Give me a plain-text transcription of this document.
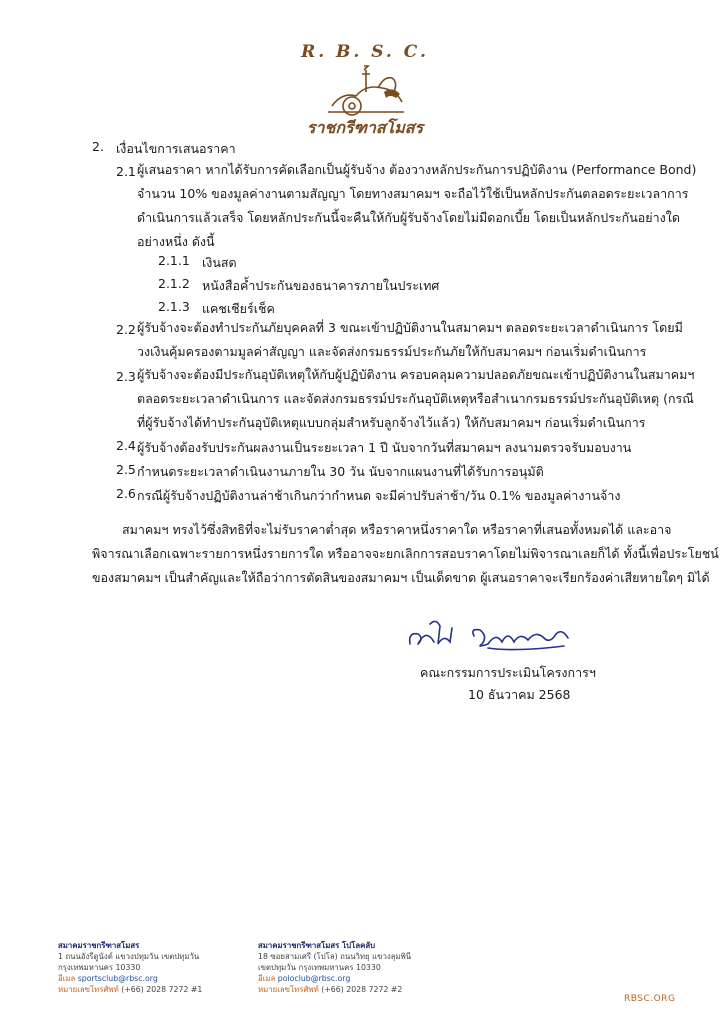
R. B. S. C.
ราชกรีฑาสโมสร
2. เงื่อนไขการเสนอราคา
2.1 ผู้เสนอราคา หากได้รับการคัดเลือกเป็นผู้รับจ้าง ต้องวางหลักประกันการปฏิบัติงาน (Performance Bond)
จำนวน 10% ของมูลค่างานตามสัญญา โดยทางสมาคมฯ จะถือไว้ใช้เป็นหลักประกันตลอดระยะเวลาการ
ดำเนินการแล้วเสร็จ โดยหลักประกันนี้จะคืนให้กับผู้รับจ้างโดยไม่มีดอกเบี้ย โดยเป็นหลักประกันอย่างใด
อย่างหนึ่ง ดังนี้
2.1.1 เงินสด
2.1.2 หนังสือค้ำประกันของธนาคารภายในประเทศ
2.1.3 แคชเชียร์เช็ค
2.2 ผู้รับจ้างจะต้องทำประกันภัยบุคคลที่ 3 ขณะเข้าปฏิบัติงานในสมาคมฯ ตลอดระยะเวลาดำเนินการ โดยมี
วงเงินคุ้มครองตามมูลค่าสัญญา และจัดส่งกรมธรรม์ประกันภัยให้กับสมาคมฯ ก่อนเริ่มดำเนินการ
2.3 ผู้รับจ้างจะต้องมีประกันอุบัติเหตุให้กับผู้ปฏิบัติงาน ครอบคลุมความปลอดภัยขณะเข้าปฏิบัติงานในสมาคมฯ
ตลอดระยะเวลาดำเนินการ และจัดส่งกรมธรรม์ประกันอุบัติเหตุหรือสำเนากรมธรรม์ประกันอุบัติเหตุ (กรณี
ที่ผู้รับจ้างได้ทำประกันอุบัติเหตุแบบกลุ่มสำหรับลูกจ้างไว้แล้ว) ให้กับสมาคมฯ ก่อนเริ่มดำเนินการ
2.4 ผู้รับจ้างต้องรับประกันผลงานเป็นระยะเวลา 1 ปี นับจากวันที่สมาคมฯ ลงนามตรวจรับมอบงาน
2.5 กำหนดระยะเวลาดำเนินงานภายใน 30 วัน นับจากแผนงานที่ได้รับการอนุมัติ
2.6 กรณีผู้รับจ้างปฏิบัติงานล่าช้าเกินกว่ากำหนด จะมีค่าปรับล่าช้า/วัน 0.1% ของมูลค่างานจ้าง
สมาคมฯ ทรงไว้ซึ่งสิทธิที่จะไม่รับราคาต่ำสุด หรือราคาหนึ่งราคาใด หรือราคาที่เสนอทั้งหมดได้ และอาจ
พิจารณาเลือกเฉพาะรายการหนึ่งรายการใด หรืออาจจะยกเลิกการสอบราคาโดยไม่พิจารณาเลยก็ได้ ทั้งนี้เพื่อประโยชน์
ของสมาคมฯ เป็นสำคัญและให้ถือว่าการตัดสินของสมาคมฯ เป็นเด็ดขาด ผู้เสนอราคาจะเรียกร้องค่าเสียหายใดๆ มิได้
คณะกรรมการประเมินโครงการฯ
10 ธันวาคม 2568
สมาคมราชกรีฑาสโมสร
1 ถนนอังรีดูนังต์ แขวงปทุมวัน เขตปทุมวัน
กรุงเทพมหานคร 10330
อีเมล sportsclub@rbsc.org
หมายเลขโทรศัพท์ (+66) 2028 7272 #1
สมาคมราชกรีฑาสโมสร โปโลคลับ
18 ซอยสามเศรี (โปโล) ถนนวิทยุ แขวงลุมพินี
เขตปทุมวัน กรุงเทพมหานคร 10330
อีเมล poloclub@rbsc.org
หมายเลขโทรศัพท์ (+66) 2028 7272 #2
RBSC.ORG
